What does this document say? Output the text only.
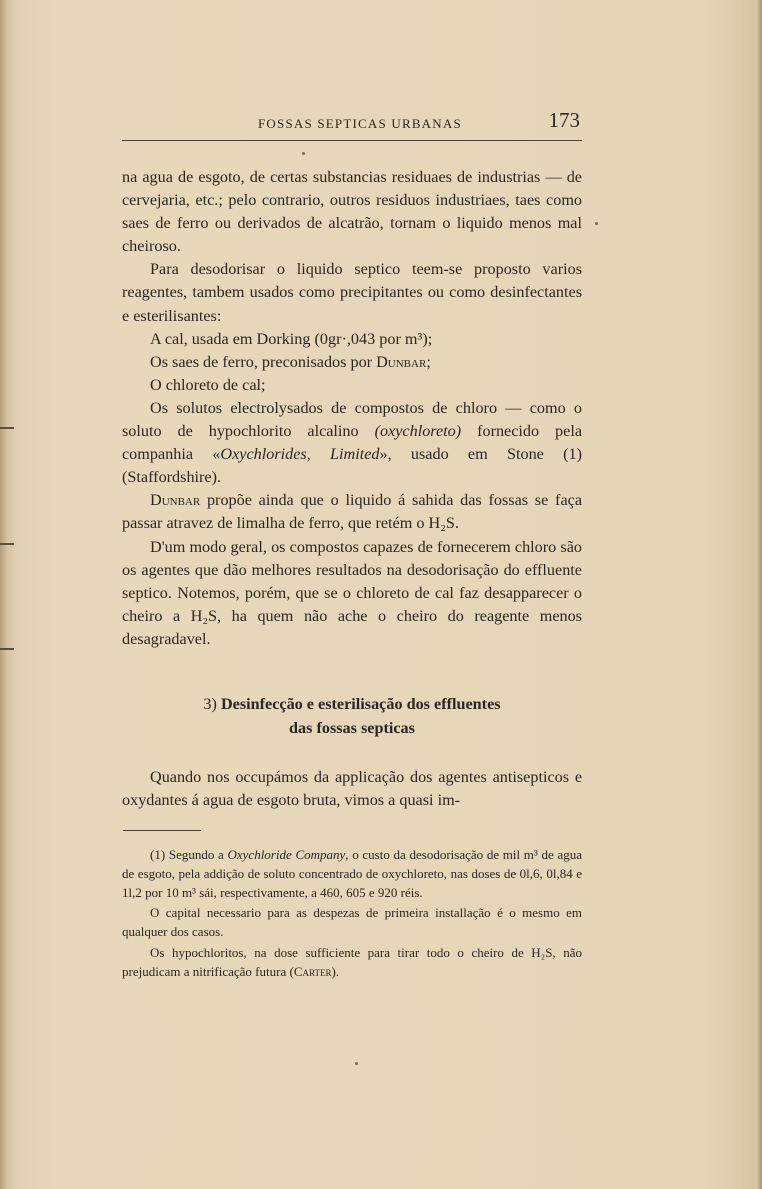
FOSSAS SEPTICAS URBANAS	173

na agua de esgoto, de certas substancias residuaes de industrias — de cervejaria, etc.; pelo contrario, outros residuos industriaes, taes como saes de ferro ou derivados de alcatrão, tornam o liquido menos mal cheiroso.

Para desodorisar o liquido septico teem-se proposto varios reagentes, tambem usados como precipitantes ou como desinfectantes e esterilisantes:

A cal, usada em Dorking (0gr·,043 por m³);

Os saes de ferro, preconisados por Dunbar;

O chloreto de cal;

Os solutos electrolysados de compostos de chloro — como o soluto de hypochlorito alcalino (oxychloreto) fornecido pela companhia «Oxychlorides, Limited», usado em Stone (1) (Staffordshire).

Dunbar propõe ainda que o liquido á sahida das fossas se faça passar atravez de limalha de ferro, que retém o H₂S.

D'um modo geral, os compostos capazes de fornecerem chloro são os agentes que dão melhores resultados na desodorisação do effluente septico. Notemos, porém, que se o chloreto de cal faz desapparecer o cheiro a H₂S, ha quem não ache o cheiro do reagente menos desagradavel.

3) Desinfecção e esterilisação dos effluentes
das fossas septicas

Quando nos occupámos da applicação dos agentes antisepticos e oxydantes á agua de esgoto bruta, vimos a quasi im-

(1) Segundo a Oxychloride Company, o custo da desodorisação de mil m³ de agua de esgoto, pela addição de soluto concentrado de oxychloreto, nas doses de 0l,6, 0l,84 e 1l,2 por 10 m³ sái, respectivamente, a 460, 605 e 920 réis.

O capital necessario para as despezas de primeira installação é o mesmo em qualquer dos casos.

Os hypochloritos, na dose sufficiente para tirar todo o cheiro de H₂S, não prejudicam a nitrificação futura (Carter).
